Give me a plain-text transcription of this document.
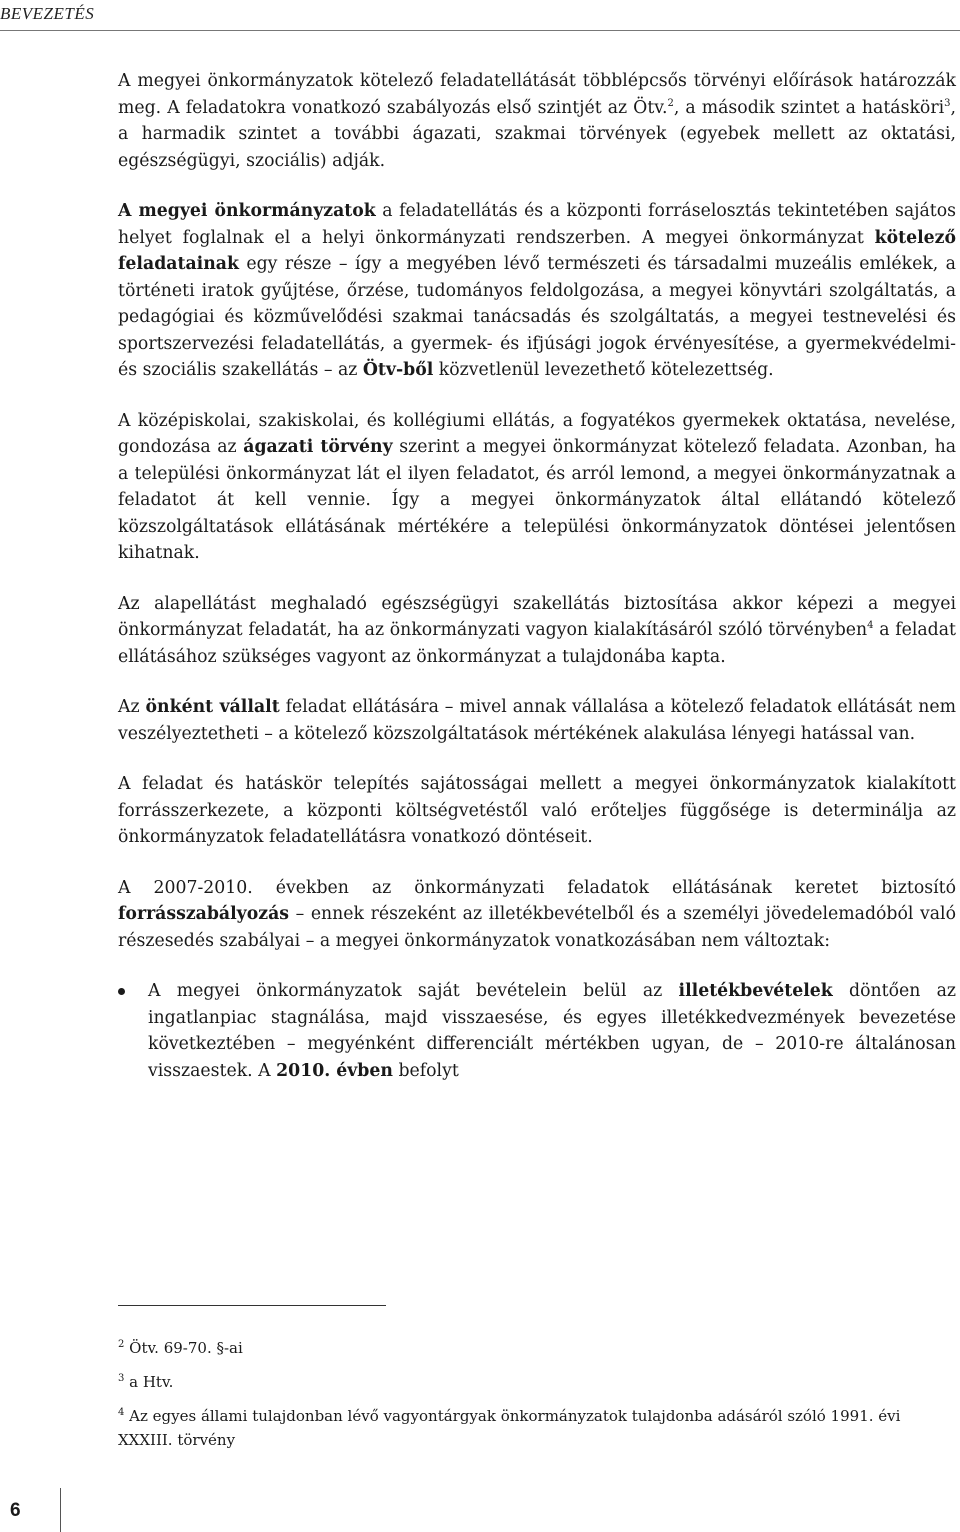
BEVEZETÉS

A megyei önkormányzatok kötelező feladatellátását többlépcsős törvényi előírások határozzák meg. A feladatokra vonatkozó szabályozás első szintjét az Ötv.$^2$, a második szintet a hatásköri$^3$, a harmadik szintet a további ágazati, szakmai törvények (egyebek mellett az oktatási, egészségügyi, szociális) adják.

A megyei önkormányzatok a feladatellátás és a központi forráselosztás tekintetében sajátos helyet foglalnak el a helyi önkormányzati rendszerben. A megyei önkormányzat kötelező feladatainak egy része – így a megyében lévő természeti és társadalmi muzeális emlékek, a történeti iratok gyűjtése, őrzése, tudományos feldolgozása, a megyei könyvtári szolgáltatás, a pedagógiai és közművelődési szakmai tanácsadás és szolgáltatás, a megyei testnevelési és sportszervezési feladatellátás, a gyermek- és ifjúsági jogok érvényesítése, a gyermekvédelmi- és szociális szakellátás – az Ötv-ből közvetlenül levezethető kötelezettség.

A középiskolai, szakiskolai, és kollégiumi ellátás, a fogyatékos gyermekek oktatása, nevelése, gondozása az ágazati törvény szerint a megyei önkormányzat kötelező feladata. Azonban, ha a települési önkormányzat lát el ilyen feladatot, és arról lemond, a megyei önkormányzatnak a feladatot át kell vennie. Így a megyei önkormányzatok által ellátandó kötelező közszolgáltatások ellátásának mértékére a települési önkormányzatok döntései jelentősen kihatnak.

Az alapellátást meghaladó egészségügyi szakellátás biztosítása akkor képezi a megyei önkormányzat feladatát, ha az önkormányzati vagyon kialakításáról szóló törvényben$^4$ a feladat ellátásához szükséges vagyont az önkormányzat a tulajdonába kapta.

Az önként vállalt feladat ellátására – mivel annak vállalása a kötelező feladatok ellátását nem veszélyeztetheti – a kötelező közszolgáltatások mértékének alakulása lényegi hatással van.

A feladat és hatáskör telepítés sajátosságai mellett a megyei önkormányzatok kialakított forrásszerkezete, a központi költségvetéstől való erőteljes függősége is determinálja az önkormányzatok feladatellátásra vonatkozó döntéseit.

A 2007-2010. években az önkormányzati feladatok ellátásának keretet biztosító forrásszabályozás – ennek részeként az illetékbevételből és a személyi jövedelemadóból való részesedés szabályai – a megyei önkormányzatok vonatkozásában nem változtak:

A megyei önkormányzatok saját bevételein belül az illetékbevételek döntően az ingatlanpiac stagnálása, majd visszaesése, és egyes illetékkedvezmények bevezetése következtében – megyénként differenciált mértékben ugyan, de – 2010-re általánosan visszaestek. A 2010. évben befolyt
$^2$ Ötv. 69-70. §-ai
$^3$ a Htv.
$^4$ Az egyes állami tulajdonban lévő vagyontárgyak önkormányzatok tulajdonba adásáról szóló 1991. évi XXXIII. törvény
6
